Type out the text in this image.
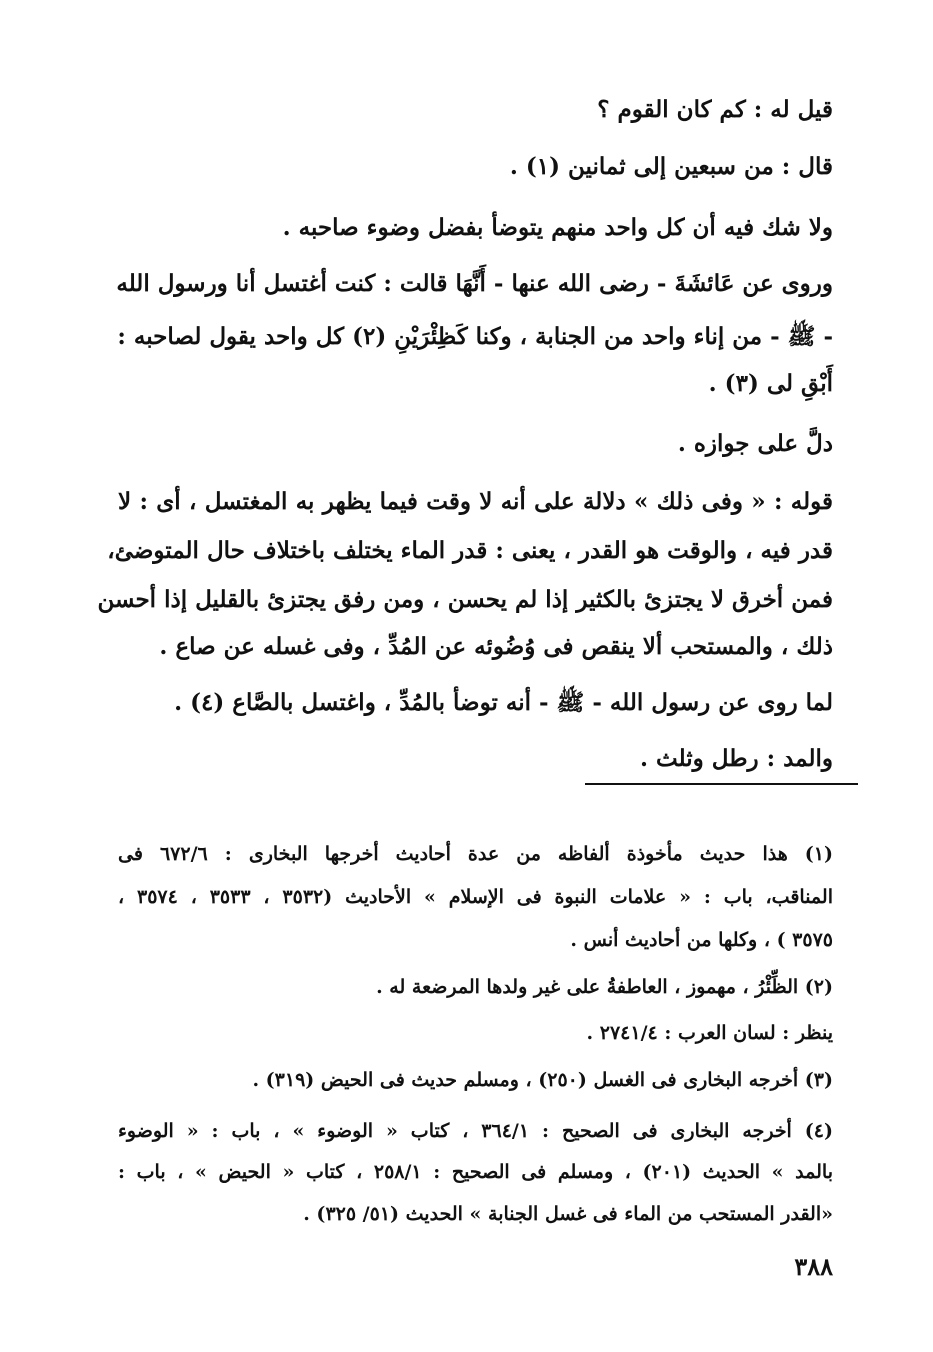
قيل له : كم كان القوم ؟
قال : من سبعين إلى ثمانين (١) .
ولا شك فيه أن كل واحد منهم يتوضأ بفضل وضوء صاحبه .
وروى عن عَائشَةَ - رضى الله عنها - أَنَّهَا قالت : كنت أغتسل أنا ورسول الله
- ﷺ - من إناء واحد من الجنابة ، وكنا كَظِئْرَيْنِ (٢) كل واحد يقول لصاحبه :
أَبْقِ لى (٣) .
دلَّ على جوازه .
قوله : « وفى ذلك » دلالة على أنه لا وقت فيما يظهر به المغتسل ، أى : لا
قدر فيه ، والوقت هو القدر ، يعنى : قدر الماء يختلف باختلاف حال المتوضئ،
فمن أخرق لا يجتزئ بالكثير إذا لم يحسن ، ومن رفق يجتزئ بالقليل إذا أحسن
ذلك ، والمستحب ألا ينقص فى وُضُوئه عن المُدِّ ، وفى غسله عن صاع .
لما روى عن رسول الله - ﷺ - أنه توضأ بالمُدِّ ، واغتسل بالصَّاع (٤) .
والمد : رطل وثلث .
(١) هذا حديث مأخوذة ألفاظه من عدة أحاديث أخرجها البخارى : ٦٧٢/٦ فى
المناقب، باب : « علامات النبوة فى الإسلام » الأحاديث (٣٥٣٢ ، ٣٥٣٣ ، ٣٥٧٤ ،
٣٥٧٥ ) ، وكلها من أحاديث أنس .
(٢) الظِّئْرُ ، مهموز ، العاطفةُ على غير ولدها المرضعة له .
ينظر : لسان العرب : ٢٧٤١/٤ .
(٣) أخرجه البخارى فى الغسل (٢٥٠) ، ومسلم حديث فى الحيض (٣١٩) .
(٤) أخرجه البخارى فى الصحيح : ٣٦٤/١ ، كتاب « الوضوء » ، باب : « الوضوء
بالمد » الحديث (٢٠١) ، ومسلم فى الصحيح : ٢٥٨/١ ، كتاب « الحيض » ، باب :
«القدر المستحب من الماء فى غسل الجنابة » الحديث (٥١/ ٣٢٥) .
٣٨٨
